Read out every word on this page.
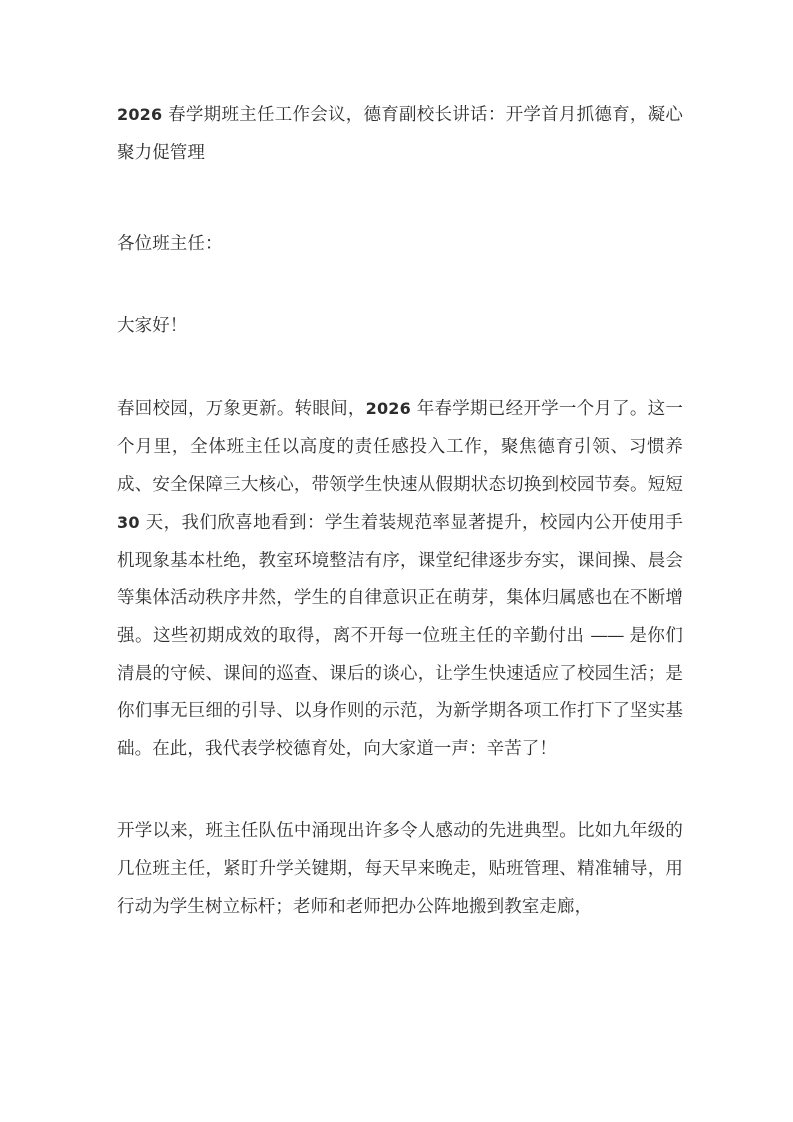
2026 春学期班主任工作会议，德育副校长讲话：开学首月抓德育，凝心聚力促管理
各位班主任：
大家好！
春回校园，万象更新。转眼间，2026 年春学期已经开学一个月了。这一个月里，全体班主任以高度的责任感投入工作，聚焦德育引领、习惯养成、安全保障三大核心，带领学生快速从假期状态切换到校园节奏。短短 30 天，我们欣喜地看到：学生着装规范率显著提升，校园内公开使用手机现象基本杜绝，教室环境整洁有序，课堂纪律逐步夯实，课间操、晨会等集体活动秩序井然，学生的自律意识正在萌芽，集体归属感也在不断增强。这些初期成效的取得，离不开每一位班主任的辛勤付出 —— 是你们清晨的守候、课间的巡查、课后的谈心，让学生快速适应了校园生活；是你们事无巨细的引导、以身作则的示范，为新学期各项工作打下了坚实基础。在此，我代表学校德育处，向大家道一声：辛苦了！
开学以来，班主任队伍中涌现出许多令人感动的先进典型。比如九年级的几位班主任，紧盯升学关键期，每天早来晚走，贴班管理、精准辅导，用行动为学生树立标杆；老师和老师把办公阵地搬到教室走廊，
